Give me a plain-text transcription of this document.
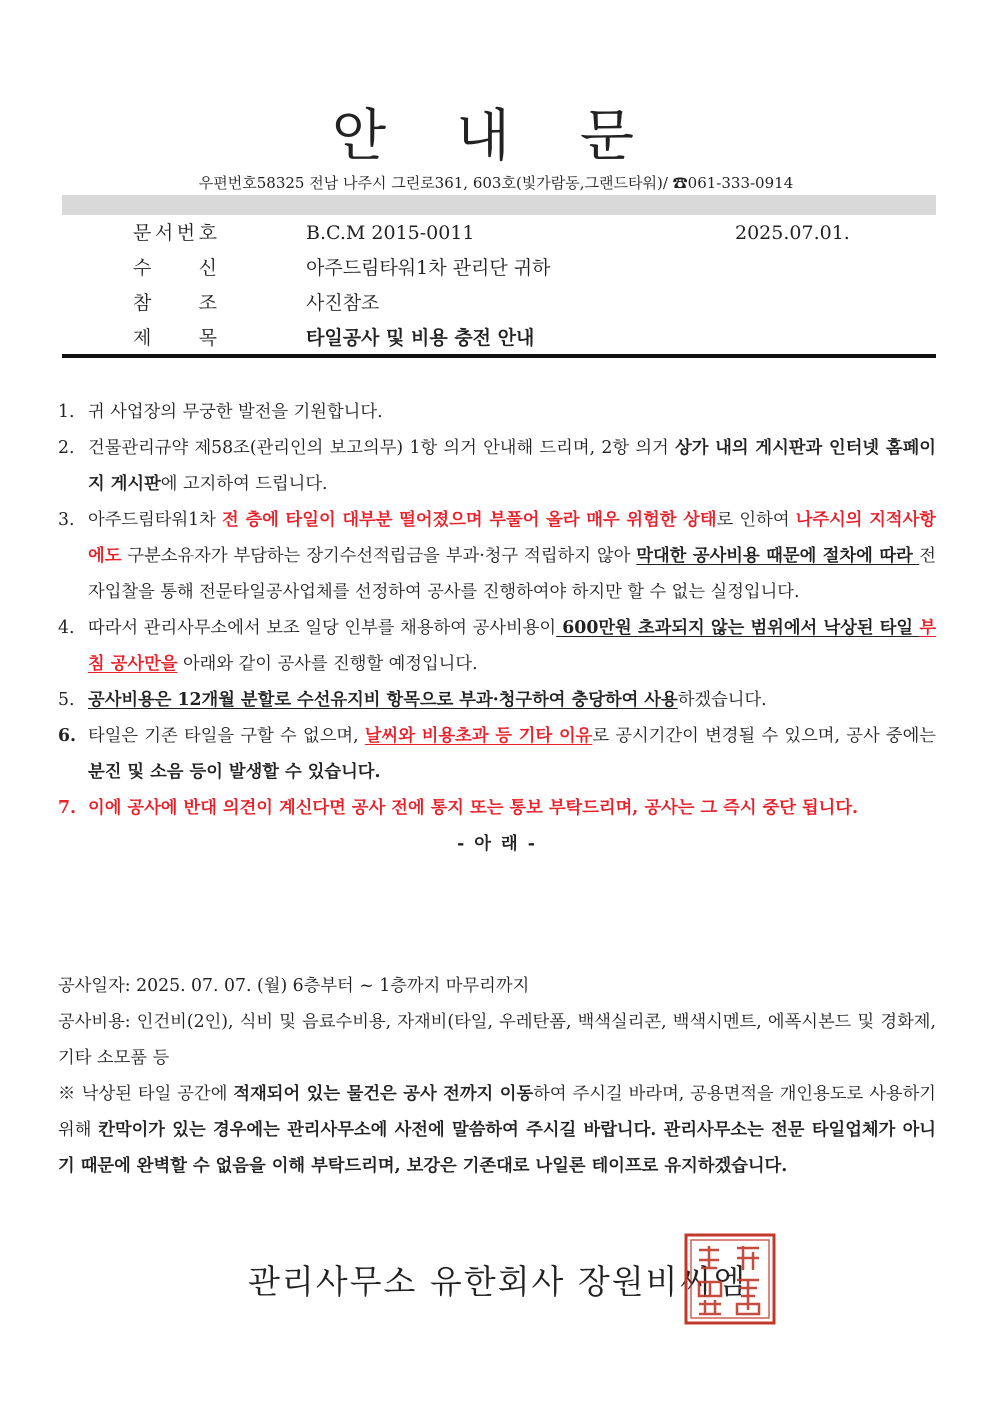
안 내 문
우편번호58325 전남 나주시 그린로361, 603호(빛가람동,그랜드타워)/ ☎061-333-0914
문 서 번 호	B.C.M 2015-0011	2025.07.01.
수 신	아주드림타워1차 관리단 귀하
참 조	사진참조
제 목	타일공사 및 비용 충전 안내
1. 귀 사업장의 무궁한 발전을 기원합니다.
2. 건물관리규약 제58조(관리인의 보고의무) 1항 의거 안내해 드리며, 2항 의거 상가 내의 게시판과 인터넷 홈페이지 게시판에 고지하여 드립니다.
3. 아주드림타워1차 전 층에 타일이 대부분 떨어졌으며 부풀어 올라 매우 위험한 상태로 인하여 나주시의 지적사항에도 구분소유자가 부담하는 장기수선적립금을 부과·청구 적립하지 않아 막대한 공사비용 때문에 절차에 따라 전자입찰을 통해 전문타일공사업체를 선정하여 공사를 진행하여야 하지만 할 수 없는 실정입니다.
4. 따라서 관리사무소에서 보조 일당 인부를 채용하여 공사비용이 600만원 초과되지 않는 범위에서 낙상된 타일 부침 공사만을 아래와 같이 공사를 진행할 예정입니다.
5. 공사비용은 12개월 분할로 수선유지비 항목으로 부과·청구하여 충당하여 사용하겠습니다.
6. 타일은 기존 타일을 구할 수 없으며, 날씨와 비용초과 등 기타 이유로 공시기간이 변경될 수 있으며, 공사 중에는 분진 및 소음 등이 발생할 수 있습니다.
7. 이에 공사에 반대 의견이 계신다면 공사 전에 통지 또는 통보 부탁드리며, 공사는 그 즉시 중단 됩니다.
- 아 래 -
공사일자: 2025. 07. 07. (월) 6층부터 ~ 1층까지 마무리까지
공사비용: 인건비(2인), 식비 및 음료수비용, 자재비(타일, 우레탄폼, 백색실리콘, 백색시멘트, 에폭시본드 및 경화제, 기타 소모품 등
※ 낙상된 타일 공간에 적재되어 있는 물건은 공사 전까지 이동하여 주시길 바라며, 공용면적을 개인용도로 사용하기 위해 칸막이가 있는 경우에는 관리사무소에 사전에 말씀하여 주시길 바랍니다. 관리사무소는 전문 타일업체가 아니기 때문에 완벽할 수 없음을 이해 부탁드리며, 보강은 기존대로 나일론 테이프로 유지하겠습니다.
관리사무소 유한회사 장원비씨엠
